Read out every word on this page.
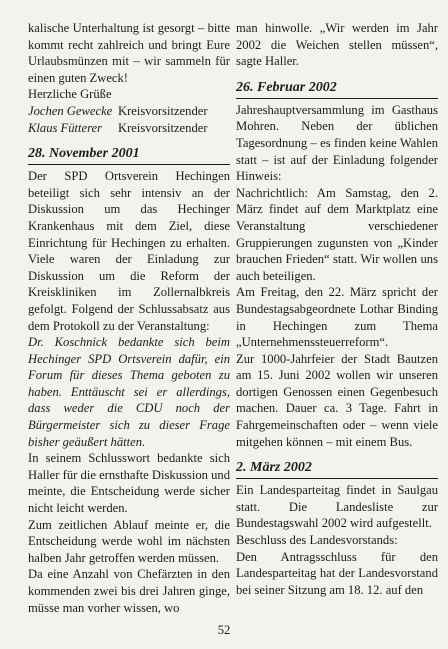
kalische Unterhaltung ist gesorgt – bitte kommt recht zahlreich und bringt Eure Urlaubsmünzen mit – wir sammeln für einen guten Zweck!

Herzliche Grüße

Jochen Gewecke Kreisvorsitzender

Klaus Fütterer	Kreisvorsitzender

28. November 2001

Der SPD Ortsverein Hechingen beteiligt sich sehr intensiv an der Diskussion um das Hechinger Krankenhaus mit dem Ziel, diese Einrichtung für Hechingen zu erhalten. Viele waren der Einladung zur Diskussion um die Reform der Kreiskliniken im Zollernalbkreis gefolgt. Folgend der Schlussabsatz aus dem Protokoll zu der Veranstaltung:

Dr. Koschnick bedankte sich beim Hechinger SPD Ortsverein dafür, ein Forum für dieses Thema geboten zu haben. Enttäuscht sei er allerdings, dass weder die CDU noch der Bürgermeister sich zu dieser Frage bisher geäußert hätten.

In seinem Schlusswort bedankte sich Haller für die ernsthafte Diskussion und meinte, die Entscheidung werde sicher nicht leicht werden.

Zum zeitlichen Ablauf meinte er, die Entscheidung werde wohl im nächsten halben Jahr getroffen werden müssen.

Da eine Anzahl von Chefärzten in den kommenden zwei bis drei Jahren ginge, müsse man vorher wissen, wo

man hinwolle. „Wir werden im Jahr 2002 die Weichen stellen müssen“, sagte Haller.

26. Februar 2002

Jahreshauptversammlung im Gasthaus Mohren. Neben der üblichen Tagesordnung – es finden keine Wahlen statt – ist auf der Einladung folgender Hinweis:

Nachrichtlich: Am Samstag, den 2. März findet auf dem Marktplatz eine Veranstaltung verschiedener Gruppierungen zugunsten von „Kinder brauchen Frieden“ statt. Wir wollen uns auch beteiligen.

Am Freitag, den 22. März spricht der Bundestagsabgeordnete Lothar Binding in Hechingen zum Thema „Unternehmenssteuerreform“.

Zur 1000-Jahrfeier der Stadt Bautzen am 15. Juni 2002 wollen wir unseren dortigen Genossen einen Gegenbesuch machen. Dauer ca. 3 Tage. Fahrt in Fahrgemeinschaften oder – wenn viele mitgehen können – mit einem Bus.

2. März 2002

Ein Landesparteitag findet in Saulgau statt. Die Landesliste zur Bundestagswahl 2002 wird aufgestellt.

Beschluss des Landesvorstands:

Den Antragsschluss für den Landesparteitag hat der Landesvorstand bei seiner Sitzung am 18. 12. auf den

52
